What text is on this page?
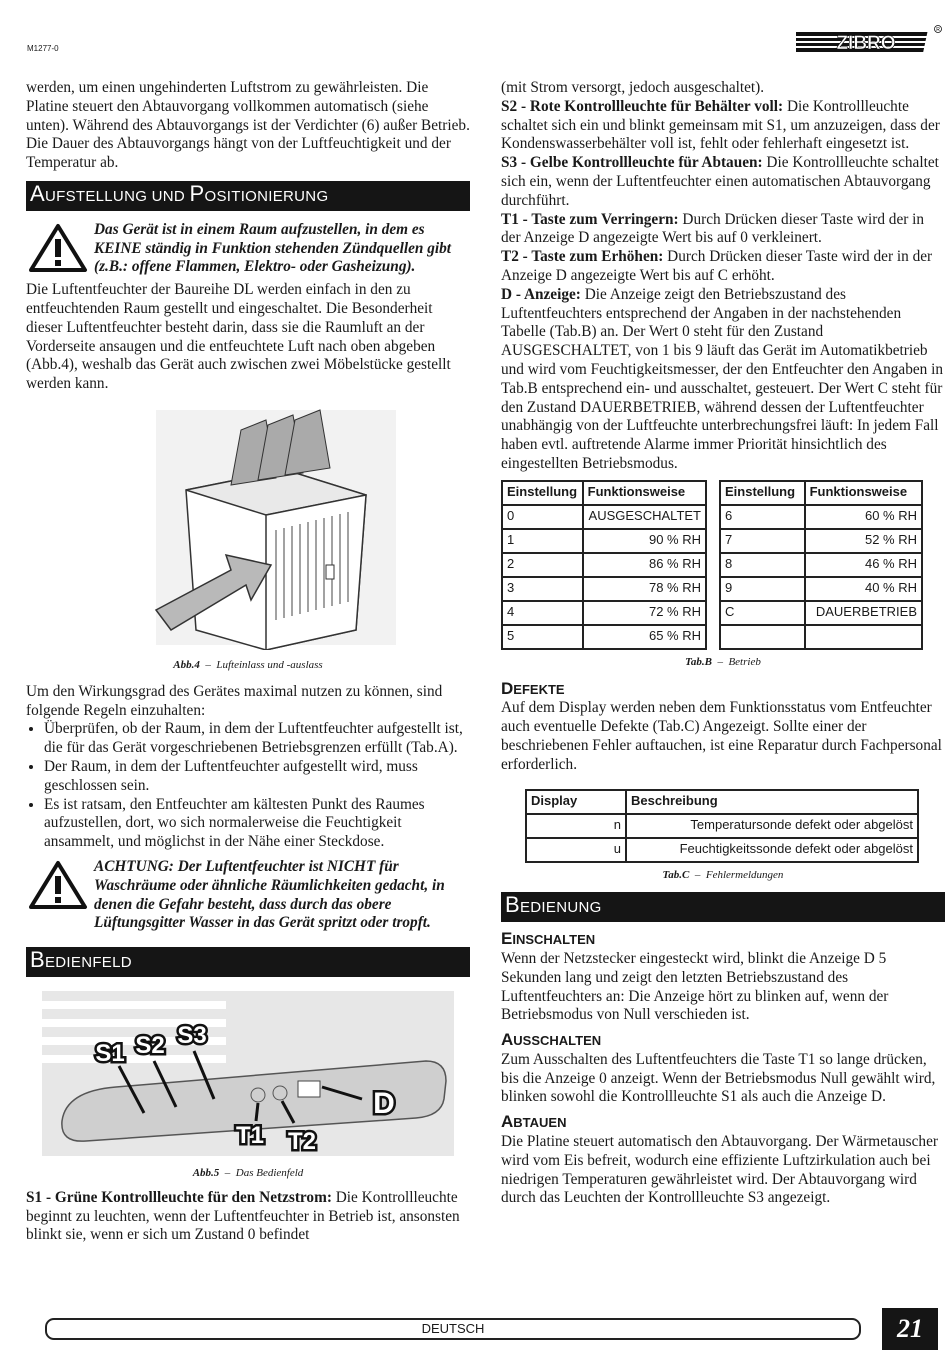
M1277-0	ZIBRO
R

werden, um einen ungehinderten Luftstrom zu gewährleisten. Die Platine steuert den Abtauvorgang vollkommen automatisch (siehe unten). Während des Abtauvorgangs ist der Verdichter (6) außer Betrieb. Die Dauer des Abtauvorgangs hängt von der Luftfeuchtigkeit und der Temperatur ab.

AUFSTELLUNG UND POSITIONIERUNG

Das Gerät ist in einem Raum aufzustellen, in dem es KEINE ständig in Funktion stehenden Zündquellen gibt (z.B.: offene Flammen, Elektro- oder Gasheizung).

Die Luftentfeuchter der Baureihe DL werden einfach in den zu entfeuchtenden Raum gestellt und eingeschaltet. Die Besonderheit dieser Luftentfeuchter besteht darin, dass sie die Raumluft an der Vorderseite ansaugen und die entfeuchtete Luft nach oben abgeben (Abb.4), weshalb das Gerät auch zwischen zwei Möbelstücke gestellt werden kann.

Abb.4  –  Lufteinlass und -auslass

Um den Wirkungsgrad des Gerätes maximal nutzen zu können, sind folgende Regeln einzuhalten:

• Überprüfen, ob der Raum, in dem der Luftentfeuchter aufgestellt ist, die für das Gerät vorgeschriebenen Betriebsgrenzen erfüllt (Tab.A).
• Der Raum, in dem der Luftentfeuchter aufgestellt wird, muss geschlossen sein.
• Es ist ratsam, den Entfeuchter am kältesten Punkt des Raumes aufzustellen, dort, wo sich normalerweise die Feuchtigkeit ansammelt, und möglichst in der Nähe einer Steckdose.

ACHTUNG: Der Luftentfeuchter ist NICHT für Waschräume oder ähnliche Räumlichkeiten gedacht, in denen die Gefahr besteht, dass durch das obere Lüftungsgitter Wasser in das Gerät spritzt oder tropft.

BEDIENFELD
S1 S2 S3
T1 T2
D
Abb.5  –  Das Bedienfeld

S1 - Grüne Kontrollleuchte für den Netzstrom: Die Kontrollleuchte beginnt zu leuchten, wenn der Luftentfeuchter in Betrieb ist, ansonsten blinkt sie, wenn er sich um Zustand 0 befindet

(mit Strom versorgt, jedoch ausgeschaltet).

S2 - Rote Kontrollleuchte für Behälter voll: Die Kontrollleuchte schaltet sich ein und blinkt gemeinsam mit S1, um anzuzeigen, dass der Kondenswasserbehälter voll ist, fehlt oder fehlerhaft eingesetzt ist.

S3 - Gelbe Kontrollleuchte für Abtauen: Die Kontrollleuchte schaltet sich ein, wenn der Luftentfeuchter einen automatischen Abtauvorgang durchführt.

T1 - Taste zum Verringern: Durch Drücken dieser Taste wird der in der Anzeige D angezeigte Wert bis auf 0 verkleinert.

T2 - Taste zum Erhöhen: Durch Drücken dieser Taste wird der in der Anzeige D angezeigte Wert bis auf C erhöht.

D - Anzeige: Die Anzeige zeigt den Betriebszustand des Luftentfeuchters entsprechend der Angaben in der nachstehenden Tabelle (Tab.B) an. Der Wert 0 steht für den Zustand AUSGESCHALTET, von 1 bis 9 läuft das Gerät im Automatikbetrieb und wird vom Feuchtigkeitsmesser, der den Entfeuchter den Angaben in Tab.B entsprechend ein- und ausschaltet, gesteuert. Der Wert C steht für den Zustand DAUERBETRIEB, während dessen der Luftentfeuchter unabhängig von der Luftfeuchte unterbrechungsfrei läuft: In jedem Fall haben evtl. auftretende Alarme immer Priorität hinsichtlich des eingestellten Betriebsmodus.

Einstellung	Funktionsweise
0	AUSGESCHALTET
1	90 % RH
2	86 % RH
3	78 % RH
4	72 % RH
5	65 % RH
Einstellung	Funktionsweise
6	60 % RH
7	52 % RH
8	46 % RH
9	40 % RH
C	DAUERBETRIEB

Tab.B  –  Betrieb
DEFEKTE

Auf dem Display werden neben dem Funktionsstatus vom Entfeuchter auch eventuelle Defekte (Tab.C) Angezeigt. Sollte einer der beschriebenen Fehler auftauchen, ist eine Reparatur durch Fachpersonal erforderlich.

Display	Beschreibung
n	Temperatursonde defekt oder abgelöst
u	Feuchtigkeitssonde defekt oder abgelöst
Tab.C  –  Fehlermeldungen
BEDIENUNG
EINSCHALTEN

Wenn der Netzstecker eingesteckt wird, blinkt die Anzeige D 5 Sekunden lang und zeigt den letzten Betriebszustand des Luftentfeuchters an: Die Anzeige hört zu blinken auf, wenn der Betriebsmodus von Null verschieden ist.

AUSSCHALTEN

Zum Ausschalten des Luftentfeuchters die Taste T1 so lange drücken, bis die Anzeige 0 anzeigt. Wenn der Betriebsmodus Null gewählt wird, blinken sowohl die Kontrollleuchte S1 als auch die Anzeige D.

ABTAUEN

Die Platine steuert automatisch den Abtauvorgang. Der Wärmetauscher wird vom Eis befreit, wodurch eine effiziente Luftzirkulation auch bei niedrigen Temperaturen gewährleistet wird. Der Abtauvorgang wird durch das Leuchten der Kontrollleuchte S3 angezeigt.

DEUTSCH	21
